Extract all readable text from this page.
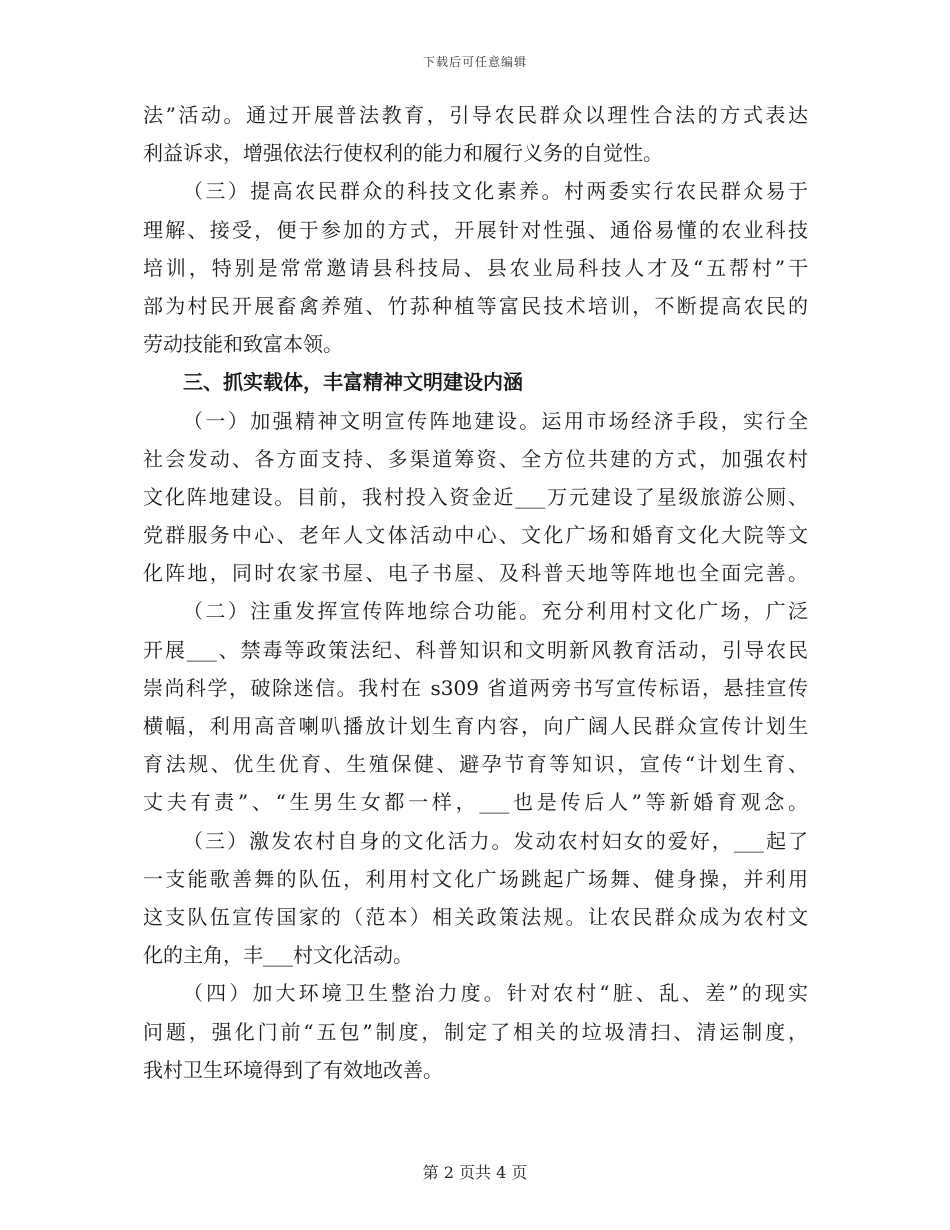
下载后可任意编辑
法”活动。通过开展普法教育，引导农民群众以理性合法的方式表达
利益诉求，增强依法行使权利的能力和履行义务的自觉性。
（三）提高农民群众的科技文化素养。村两委实行农民群众易于
理解、接受，便于参加的方式，开展针对性强、通俗易懂的农业科技
培训，特别是常常邀请县科技局、县农业局科技人才及“五帮村”干
部为村民开展畜禽养殖、竹荪种植等富民技术培训，不断提高农民的
劳动技能和致富本领。
三、抓实载体，丰富精神文明建设内涵
（一）加强精神文明宣传阵地建设。运用市场经济手段，实行全
社会发动、各方面支持、多渠道筹资、全方位共建的方式，加强农村
文化阵地建设。目前，我村投入资金近___万元建设了星级旅游公厕、
党群服务中心、老年人文体活动中心、文化广场和婚育文化大院等文
化阵地，同时农家书屋、电子书屋、及科普天地等阵地也全面完善。
（二）注重发挥宣传阵地综合功能。充分利用村文化广场，广泛
开展___、禁毒等政策法纪、科普知识和文明新风教育活动，引导农民
崇尚科学，破除迷信。我村在 s309 省道两旁书写宣传标语，悬挂宣传
横幅，利用高音喇叭播放计划生育内容，向广阔人民群众宣传计划生
育法规、优生优育、生殖保健、避孕节育等知识，宣传“计划生育、
丈夫有责”、“生男生女都一样，___也是传后人”等新婚育观念。
（三）激发农村自身的文化活力。发动农村妇女的爱好，___起了
一支能歌善舞的队伍，利用村文化广场跳起广场舞、健身操，并利用
这支队伍宣传国家的（范本）相关政策法规。让农民群众成为农村文
化的主角，丰___村文化活动。
（四）加大环境卫生整治力度。针对农村“脏、乱、差”的现实
问题，强化门前“五包”制度，制定了相关的垃圾清扫、清运制度，
我村卫生环境得到了有效地改善。
第 2 页共 4 页
